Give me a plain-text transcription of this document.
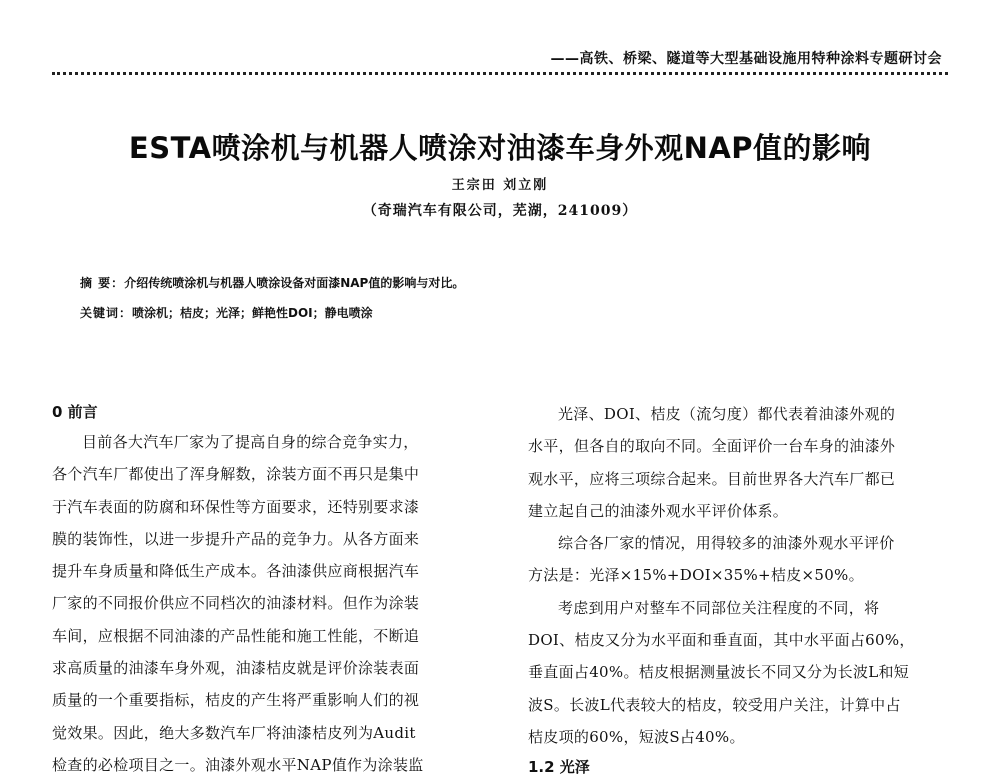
——高铁、桥梁、隧道等大型基础设施用特种涂料专题研讨会
ESTA喷涂机与机器人喷涂对油漆车身外观NAP值的影响
王宗田 刘立刚
（奇瑞汽车有限公司，芜湖，241009）
摘 要：介绍传统喷涂机与机器人喷涂设备对面漆NAP值的影响与对比。
关键词：喷涂机；桔皮；光泽；鲜艳性DOI；静电喷涂
0 前言
目前各大汽车厂家为了提高自身的综合竞争实力，
各个汽车厂都使出了浑身解数，涂装方面不再只是集中
于汽车表面的防腐和环保性等方面要求，还特别要求漆
膜的装饰性，以进一步提升产品的竞争力。从各方面来
提升车身质量和降低生产成本。各油漆供应商根据汽车
厂家的不同报价供应不同档次的油漆材料。但作为涂装
车间，应根据不同油漆的产品性能和施工性能，不断追
求高质量的油漆车身外观，油漆桔皮就是评价涂装表面
质量的一个重要指标，桔皮的产生将严重影响人们的视
觉效果。因此，绝大多数汽车厂将油漆桔皮列为Audit
检查的必检项目之一。油漆外观水平NAP值作为涂装监
光泽、DOI、桔皮（流匀度）都代表着油漆外观的
水平，但各自的取向不同。全面评价一台车身的油漆外
观水平，应将三项综合起来。目前世界各大汽车厂都已
建立起自己的油漆外观水平评价体系。
综合各厂家的情况，用得较多的油漆外观水平评价
方法是：光泽×15%+DOI×35%+桔皮×50%。
考虑到用户对整车不同部位关注程度的不同，将
DOI、桔皮又分为水平面和垂直面，其中水平面占60%，
垂直面占40%。桔皮根据测量波长不同又分为长波L和短
波S。长波L代表较大的桔皮，较受用户关注，计算中占
桔皮项的60%，短波S占40%。
1.2 光泽
